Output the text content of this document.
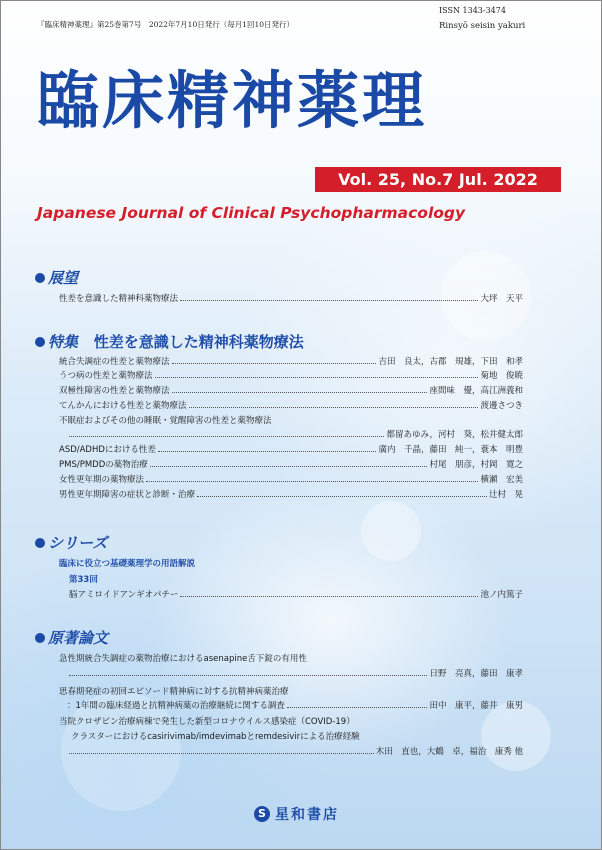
『臨床精神薬理』第25巻第7号　2022年7月10日発行（毎月1回10日発行）
ISSN 1343-3474
Rinsyō seisin yakuri
臨床精神薬理
Vol. 25, No.7 Jul. 2022
Japanese Journal of Clinical Psychopharmacology
展望
性差を意識した精神科薬物療法	大坪　天平
特集 性差を意識した精神科薬物療法
統合失調症の性差と薬物療法	吉田　良太，古郡　規雄，下田　和孝
うつ病の性差と薬物療法	菊地　俊暁
双極性障害の性差と薬物療法	座間味　優，高江洲義和
てんかんにおける性差と薬物療法	渡邊さつき
不眠症およびその他の睡眠・覚醒障害の性差と薬物療法
都留あゆみ，河村　葵，松井健太郎
ASD/ADHDにおける性差	廣内　千晶，藤田　純一，蓑本　明豊
PMS/PMDDの薬物治療	村尾　朋彦，村岡　寛之
女性更年期の薬物療法	横瀬　宏美
男性更年期障害の症状と診断・治療	辻村　晃
シリーズ
臨床に役立つ基礎薬理学の用語解説
第33回
脳アミロイドアンギオパチー	池ノ内篤子
原著論文
急性期統合失調症の薬物治療におけるasenapine舌下錠の有用性
日野　亮真，藤田　康孝
思春期発症の初回エピソード精神病に対する抗精神病薬治療
：1年間の臨床経過と抗精神病薬の治療継続に関する調査	田中　康平，藤井　康男
当院クロザピン治療病棟で発生した新型コロナウイルス感染症（COVID-19）
クラスターにおけるcasirivimab/imdevimabとremdesivirによる治療経験
木田　直也，大鶴　卓，福治　康秀 他
S 星和書店
